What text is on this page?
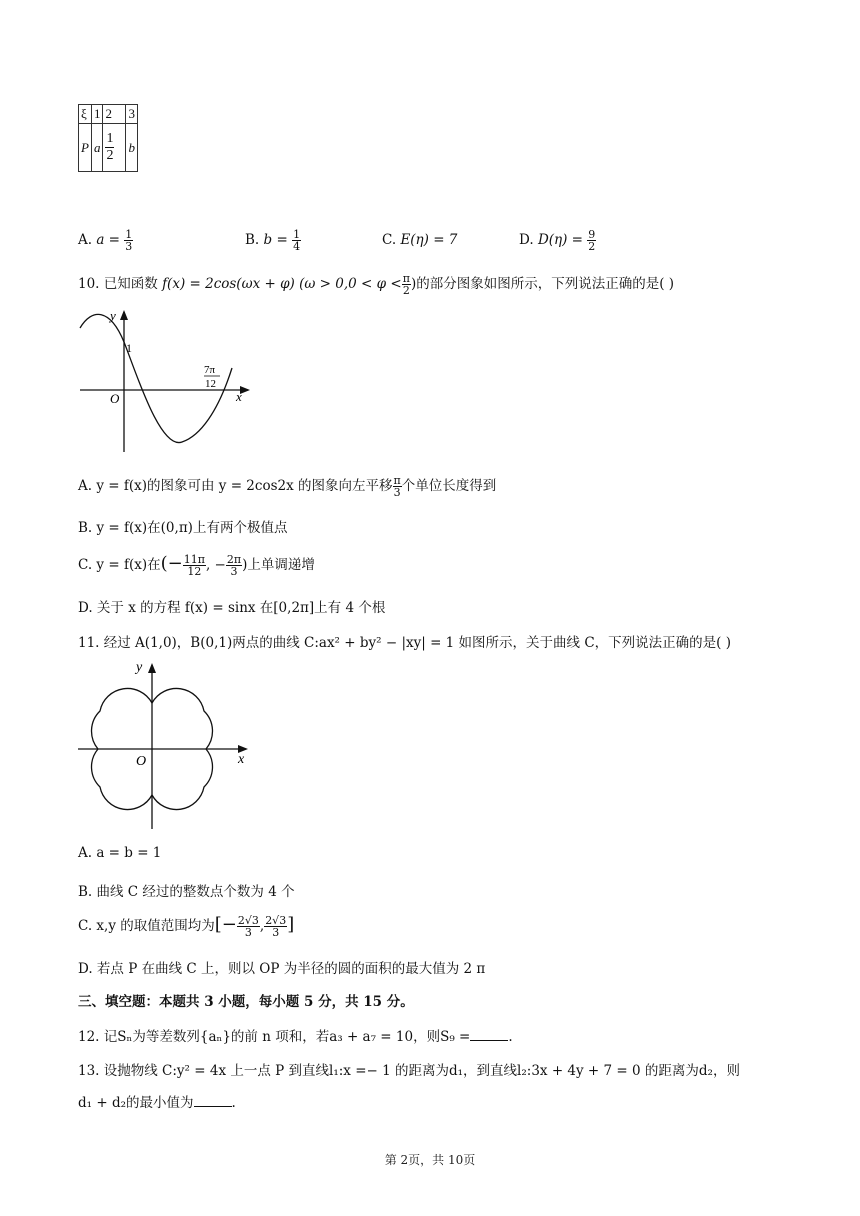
ξ	1	2	3
P	a	$\frac{1}{2}$	b
A. $a = \frac{1}{3}$	B. $b = \frac{1}{4}$	C. E(η) = 7	D. $D(\eta) = \frac{9}{2}$
10. 已知函数 f(x) = 2cos(ωx + φ) ($\omega > 0,0 < \varphi < \frac{\pi}{2}$ )的部分图象如图所示，下列说法正确的是( )
y
x
O
1
7π
12
A. y = f(x)的图象可由 y = 2cos2x 的图象向左平移 $\frac{\pi}{3}$ 个单位长度得到
B. y = f(x)在(0,π)上有两个极值点
C. y = f(x)在(− $\frac{11\pi}{12}$ , − $\frac{2\pi}{3}$ )上单调递增
D. 关于 x 的方程 f(x) = sinx 在[0,2π]上有 4 个根
11. 经过 A(1,0)，B(0,1)两点的曲线 C:ax² + by² − |xy| = 1 如图所示，关于曲线 C，下列说法正确的是( )
y
x
O
A. a = b = 1
B. 曲线 C 经过的整数点个数为 4 个
C. x,y 的取值范围均为[− $\frac{2√3}{3}$ , $\frac{2√3}{3}$ ]
D. 若点 P 在曲线 C 上，则以 OP 为半径的圆的面积的最大值为 2 π
三、填空题：本题共 3 小题，每小题 5 分，共 15 分。
12. 记Sₙ为等差数列{aₙ}的前 n 项和，若a₃ + a₇ = 10，则S₉ =	.
13. 设抛物线 C:y² = 4x 上一点 P 到直线l₁:x =− 1 的距离为d₁，到直线l₂:3x + 4y + 7 = 0 的距离为d₂，则
d₁ + d₂的最小值为	.
第 2页，共 10页
